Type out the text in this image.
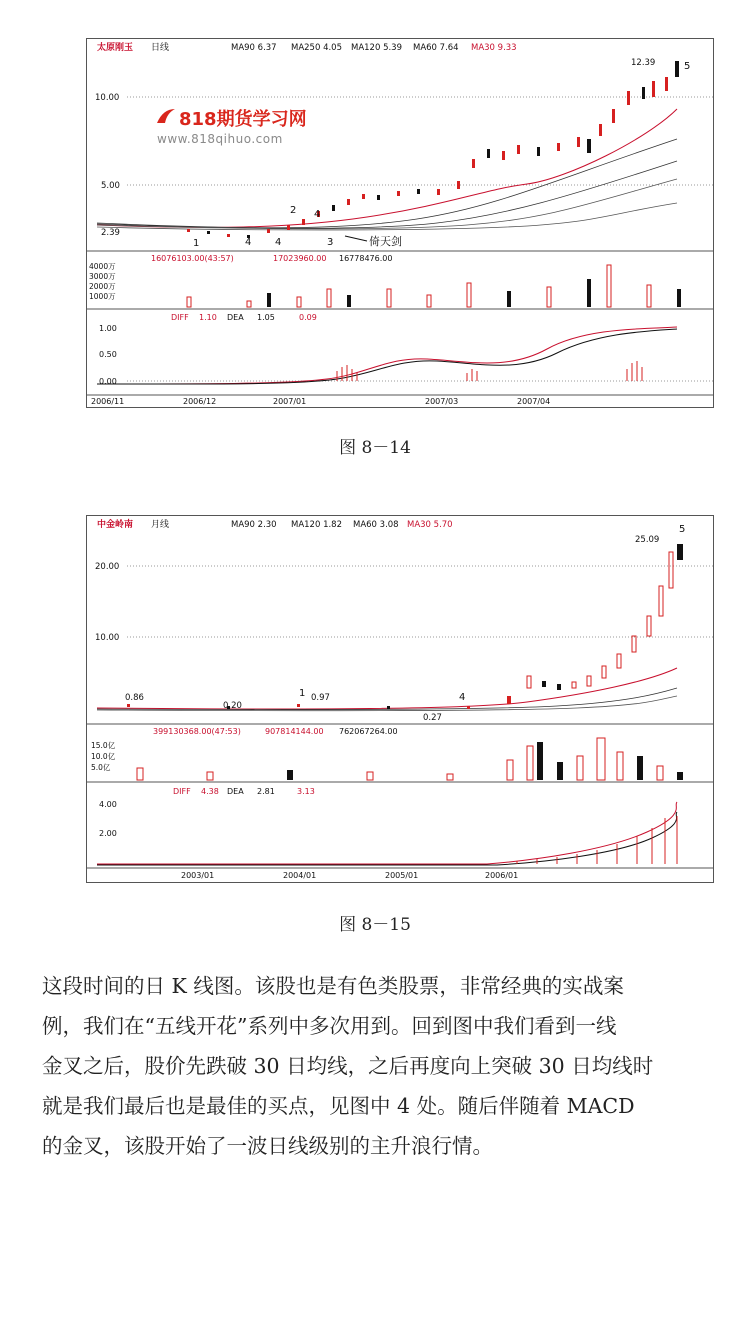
太原刚玉 日线	MA90 6.37 MA250 4.05 MA120 5.39 MA60 7.64 MA30 9.33
10.00
5.00
12.39	5
2.39
1	4 4
2 4
3	倚天剑
16076103.00(43:57)	17023960.00 16778476.00
4000万
3000万
2000万
1000万
DIFF 1.10 DEA 1.05	0.09
1.00
0.50
0.00
2006/11	2006/12	2007/01	2007/03	2007/04
818期货学习网
www.818qihuo.com
图 8－14
中金岭南 月线	MA90 2.30 MA120 1.82 MA60 3.08 MA30 5.70
20.00
10.00
25.09
5
0.86
0.20
1 0.97	4
0.27
399130368.00(47:53)	907814144.00 762067264.00
15.0亿
10.0亿
5.0亿
DIFF 4.38 DEA 2.81	3.13
4.00
2.00
2003/01	2004/01	2005/01	2006/01
图 8－15

这段时间的日 K 线图。该股也是有色类股票，非常经典的实战案

例，我们在“五线开花”系列中多次用到。回到图中我们看到一线

金叉之后，股价先跌破 30 日均线，之后再度向上突破 30 日均线时

就是我们最后也是最佳的买点，见图中 4 处。随后伴随着 MACD

的金叉，该股开始了一波日线级别的主升浪行情。
